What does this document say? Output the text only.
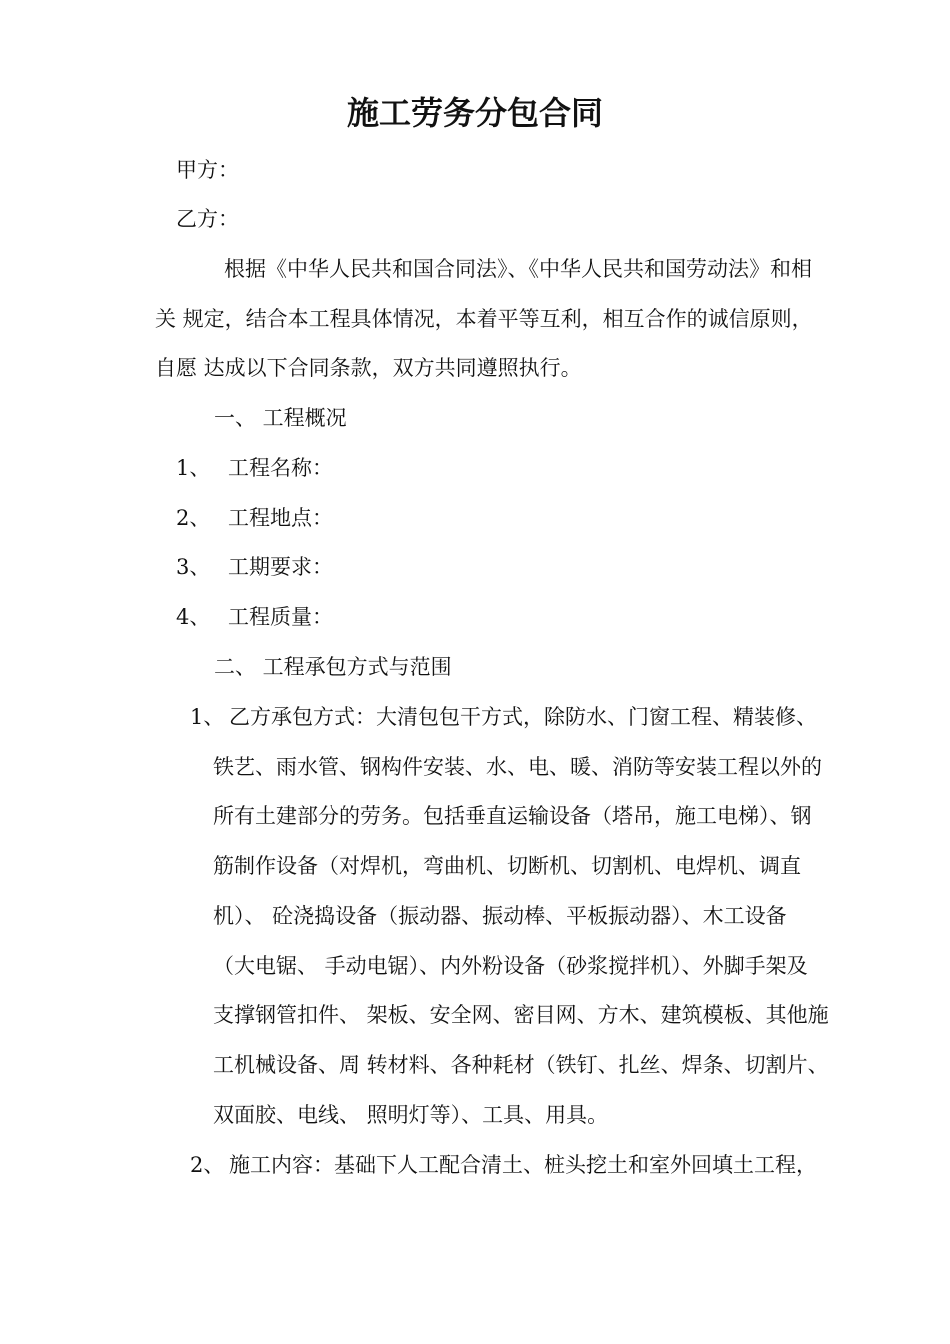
施工劳务分包合同
甲方：
乙方：
根据《中华人民共和国合同法》、《中华人民共和国劳动法》和相
关 规定，结合本工程具体情况，本着平等互利，相互合作的诚信原则，
自愿 达成以下合同条款，双方共同遵照执行。
一、 工程概况
1、 工程名称：
2、 工程地点：
3、 工期要求：
4、 工程质量：
二、 工程承包方式与范围
1、 乙方承包方式：大清包包干方式，除防水、门窗工程、精装修、
铁艺、雨水管、钢构件安装、水、电、暖、消防等安装工程以外的
所有土建部分的劳务。包括垂直运输设备（塔吊，施工电梯）、钢
筋制作设备（对焊机，弯曲机、切断机、切割机、电焊机、调直
机）、 砼浇捣设备（振动器、振动棒、平板振动器）、木工设备
（大电锯、 手动电锯）、内外粉设备（砂浆搅拌机）、外脚手架及
支撑钢管扣件、 架板、安全网、密目网、方木、建筑模板、其他施
工机械设备、周 转材料、各种耗材（铁钉、扎丝、焊条、切割片、
双面胶、电线、 照明灯等）、工具、用具。
2、 施工内容：基础下人工配合清土、桩头挖土和室外回填土工程，
